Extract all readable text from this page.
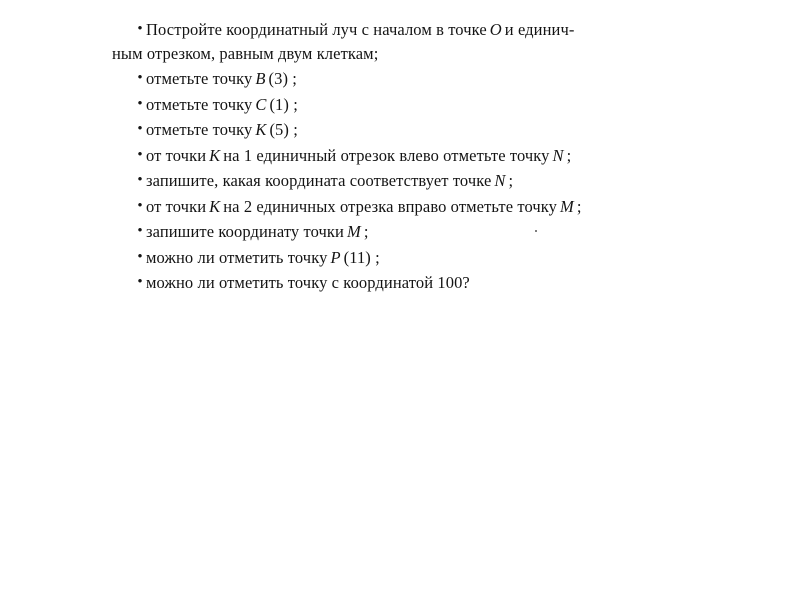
• Постройте координатный луч с началом в точке O и единич-
ным отрезком, равным двум клеткам;
• отметьте точку B (3) ;
• отметьте точку C (1) ;
• отметьте точку K (5) ;
• от точки K на 1 единичный отрезок влево отметьте точку N ;
• запишите, какая координата соответствует точке N ;
• от точки K на 2 единичных отрезка вправо отметьте точку M ;
• запишите координату точки M ;
• можно ли отметить точку P (11) ;
• можно ли отметить точку с координатой 100?
